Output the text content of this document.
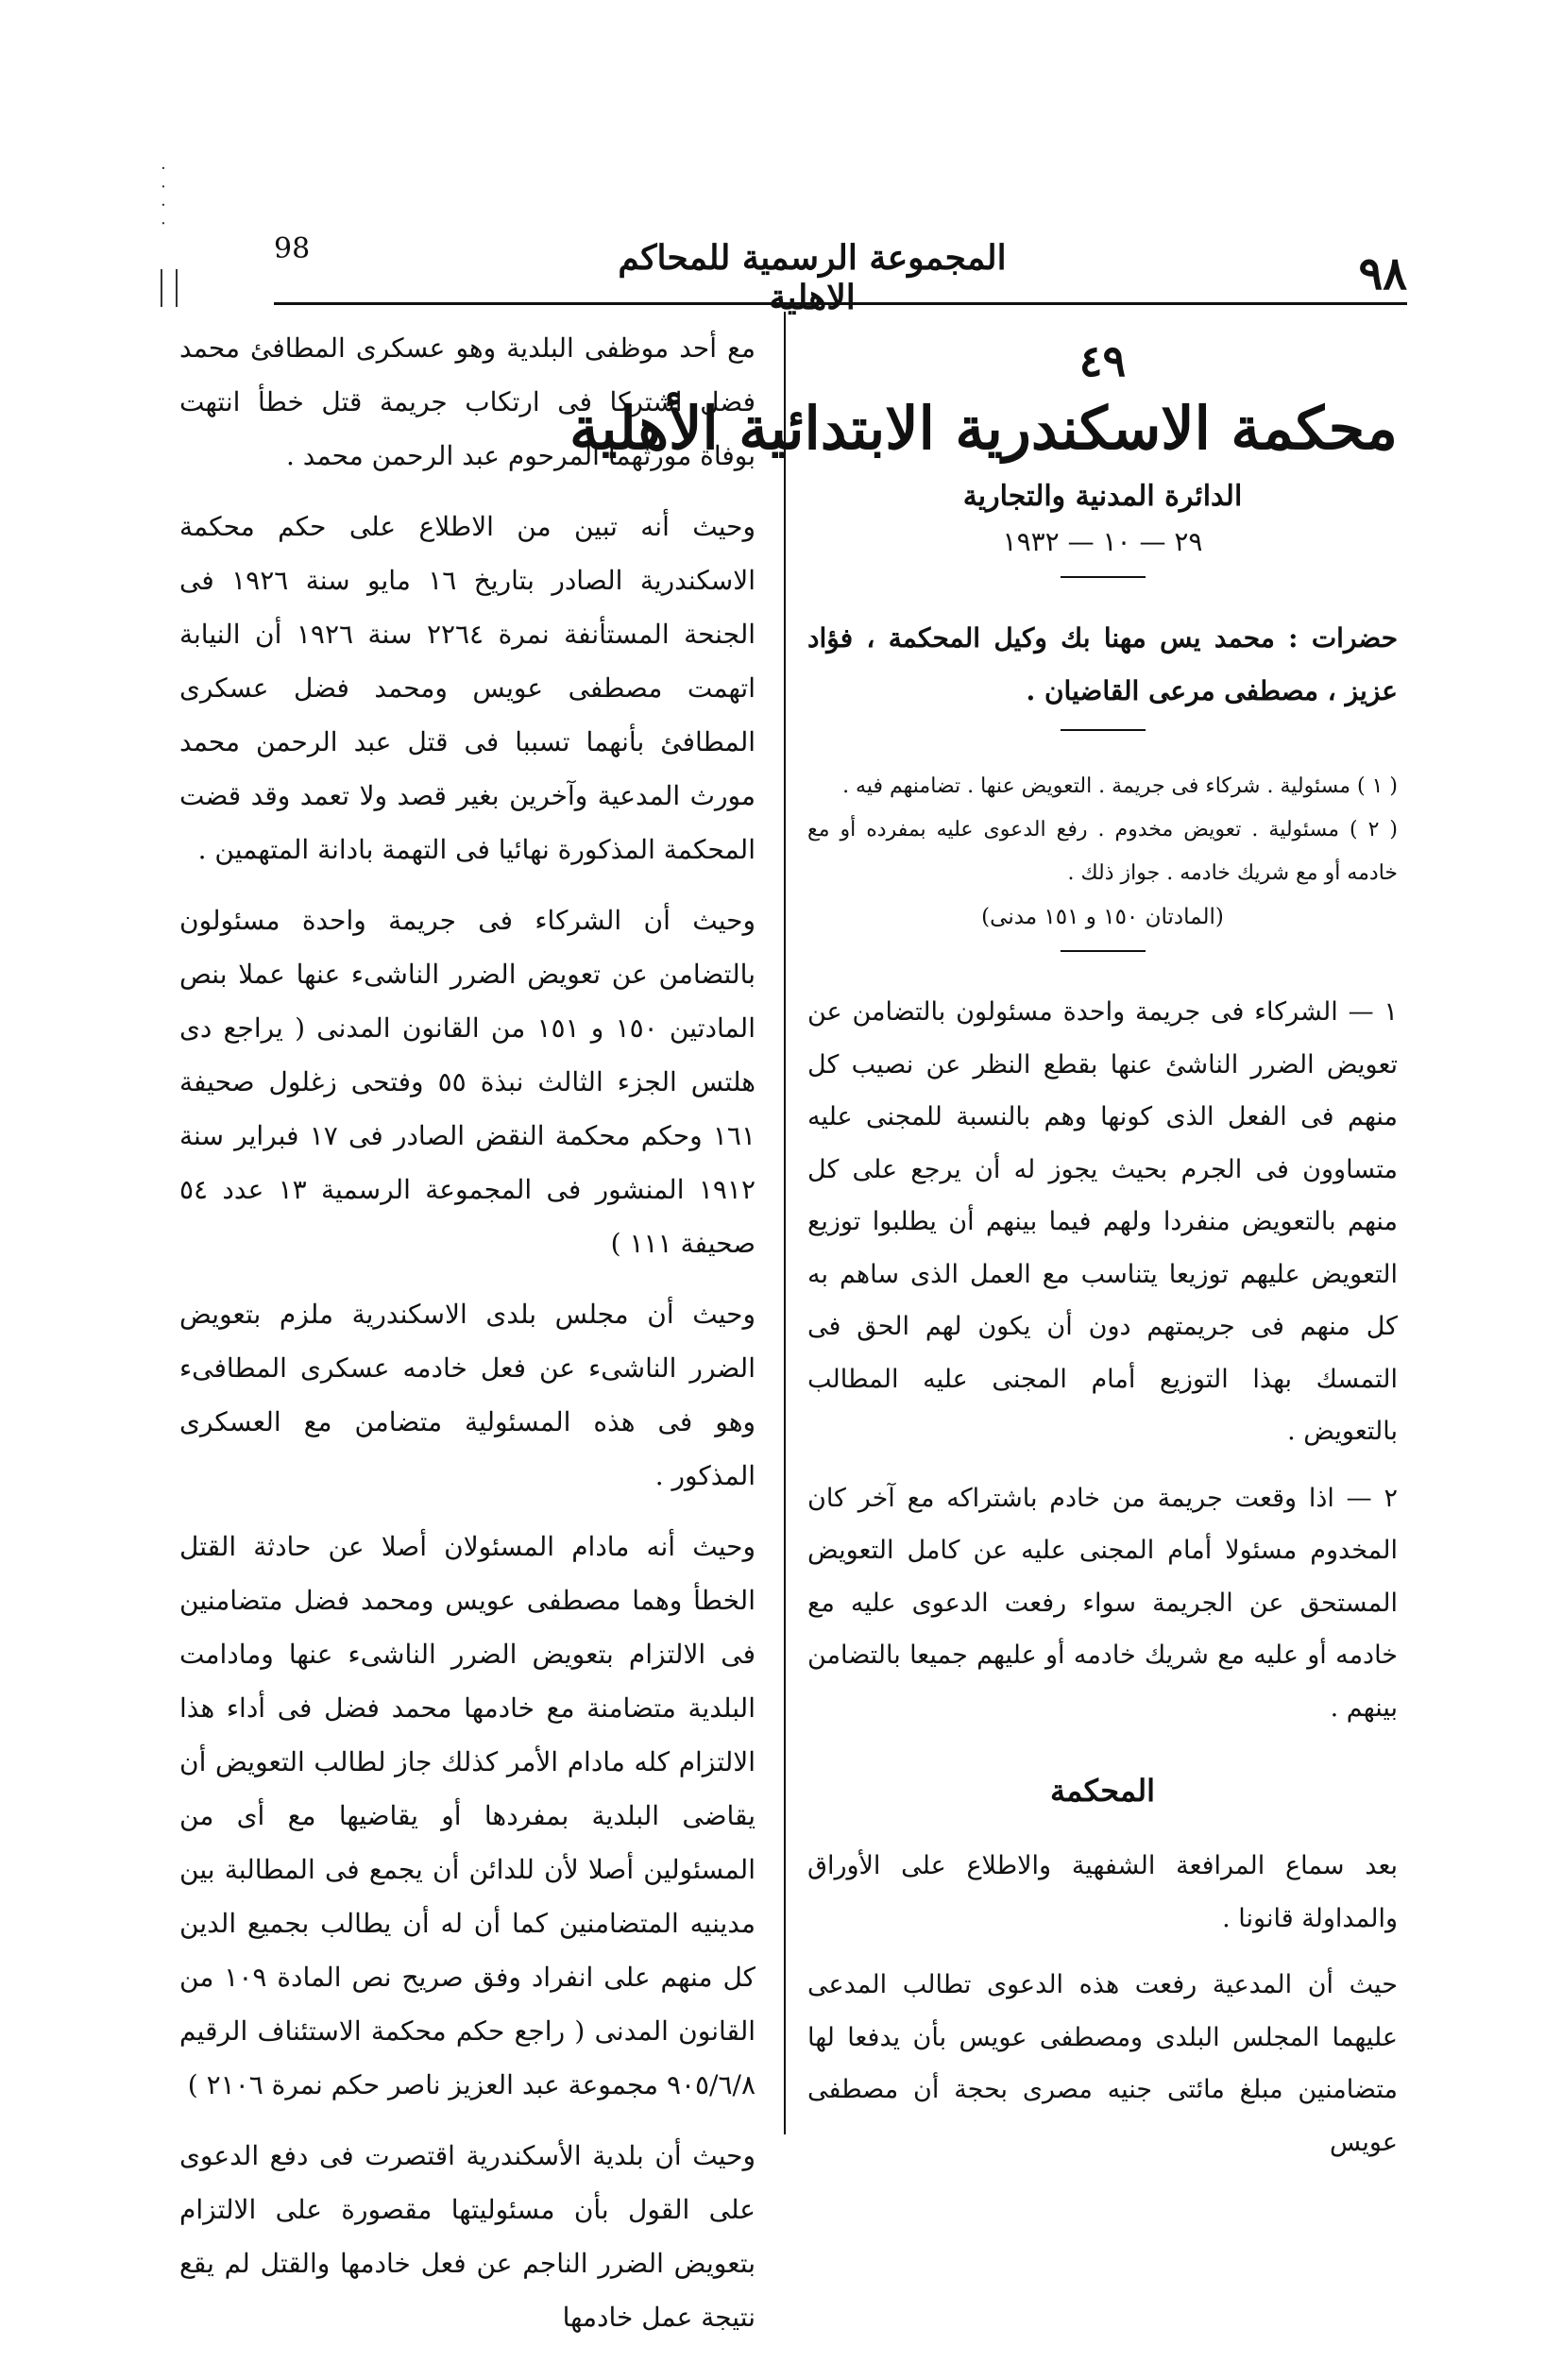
. . . .
98	المجموعة الرسمية للمحاكم الاهلية	٩٨

٤٩

محكمة الاسكندرية الابتدائية الأهلية

الدائرة المدنية والتجارية

٢٩ — ١٠ — ١٩٣٢

حضرات : محمد يس مهنا بك وكيل المحكمة ، فؤاد عزيز ، مصطفى مرعى القاضيان .

( ١ ) مسئولية . شركاء فى جريمة . التعويض عنها . تضامنهم فيه .

( ٢ ) مسئولية . تعويض مخدوم . رفع الدعوى عليه بمفرده أو مع خادمه أو مع شريك خادمه . جواز ذلك .

(المادتان ١٥٠ و ١٥١ مدنى)

١ — الشركاء فى جريمة واحدة مسئولون بالتضامن عن تعويض الضرر الناشئ عنها بقطع النظر عن نصيب كل منهم فى الفعل الذى كونها وهم بالنسبة للمجنى عليه متساوون فى الجرم بحيث يجوز له أن يرجع على كل منهم بالتعويض منفردا ولهم فيما بينهم أن يطلبوا توزيع التعويض عليهم توزيعا يتناسب مع العمل الذى ساهم به كل منهم فى جريمتهم دون أن يكون لهم الحق فى التمسك بهذا التوزيع أمام المجنى عليه المطالب بالتعويض .

٢ — اذا وقعت جريمة من خادم باشتراكه مع آخر كان المخدوم مسئولا أمام المجنى عليه عن كامل التعويض المستحق عن الجريمة سواء رفعت الدعوى عليه مع خادمه أو عليه مع شريك خادمه أو عليهم جميعا بالتضامن بينهم .

المحكمة

بعد سماع المرافعة الشفهية والاطلاع على الأوراق والمداولة قانونا .

حيث أن المدعية رفعت هذه الدعوى تطالب المدعى عليهما المجلس البلدى ومصطفى عويس بأن يدفعا لها متضامنين مبلغ مائتى جنيه مصرى بحجة أن مصطفى عويس

مع أحد موظفى البلدية وهو عسكرى المطافئ محمد فضل اشتركا فى ارتكاب جريمة قتل خطأ انتهت بوفاة مورثهما المرحوم عبد الرحمن محمد .

وحيث أنه تبين من الاطلاع على حكم محكمة الاسكندرية الصادر بتاريخ ١٦ مايو سنة ١٩٢٦ فى الجنحة المستأنفة نمرة ٢٢٦٤ سنة ١٩٢٦ أن النيابة اتهمت مصطفى عويس ومحمد فضل عسكرى المطافئ بأنهما تسببا فى قتل عبد الرحمن محمد مورث المدعية وآخرين بغير قصد ولا تعمد وقد قضت المحكمة المذكورة نهائيا فى التهمة بادانة المتهمين .

وحيث أن الشركاء فى جريمة واحدة مسئولون بالتضامن عن تعويض الضرر الناشىء عنها عملا بنص المادتين ١٥٠ و ١٥١ من القانون المدنى ( يراجع دى هلتس الجزء الثالث نبذة ٥٥ وفتحى زغلول صحيفة ١٦١ وحكم محكمة النقض الصادر فى ١٧ فبراير سنة ١٩١٢ المنشور فى المجموعة الرسمية ١٣ عدد ٥٤ صحيفة ١١١ )

وحيث أن مجلس بلدى الاسكندرية ملزم بتعويض الضرر الناشىء عن فعل خادمه عسكرى المطافىء وهو فى هذه المسئولية متضامن مع العسكرى المذكور .

وحيث أنه مادام المسئولان أصلا عن حادثة القتل الخطأ وهما مصطفى عويس ومحمد فضل متضامنين فى الالتزام بتعويض الضرر الناشىء عنها ومادامت البلدية متضامنة مع خادمها محمد فضل فى أداء هذا الالتزام كله مادام الأمر كذلك جاز لطالب التعويض أن يقاضى البلدية بمفردها أو يقاضيها مع أى من المسئولين أصلا لأن للدائن أن يجمع فى المطالبة بين مدينيه المتضامنين كما أن له أن يطالب بجميع الدين كل منهم على انفراد وفق صريح نص المادة ١٠٩ من القانون المدنى ( راجع حكم محكمة الاستئناف الرقيم ٩٠٥/٦/٨ مجموعة عبد العزيز ناصر حكم نمرة ٢١٠٦ )

وحيث أن بلدية الأسكندرية اقتصرت فى دفع الدعوى على القول بأن مسئوليتها مقصورة على الالتزام بتعويض الضرر الناجم عن فعل خادمها والقتل لم يقع نتيجة عمل خادمها
